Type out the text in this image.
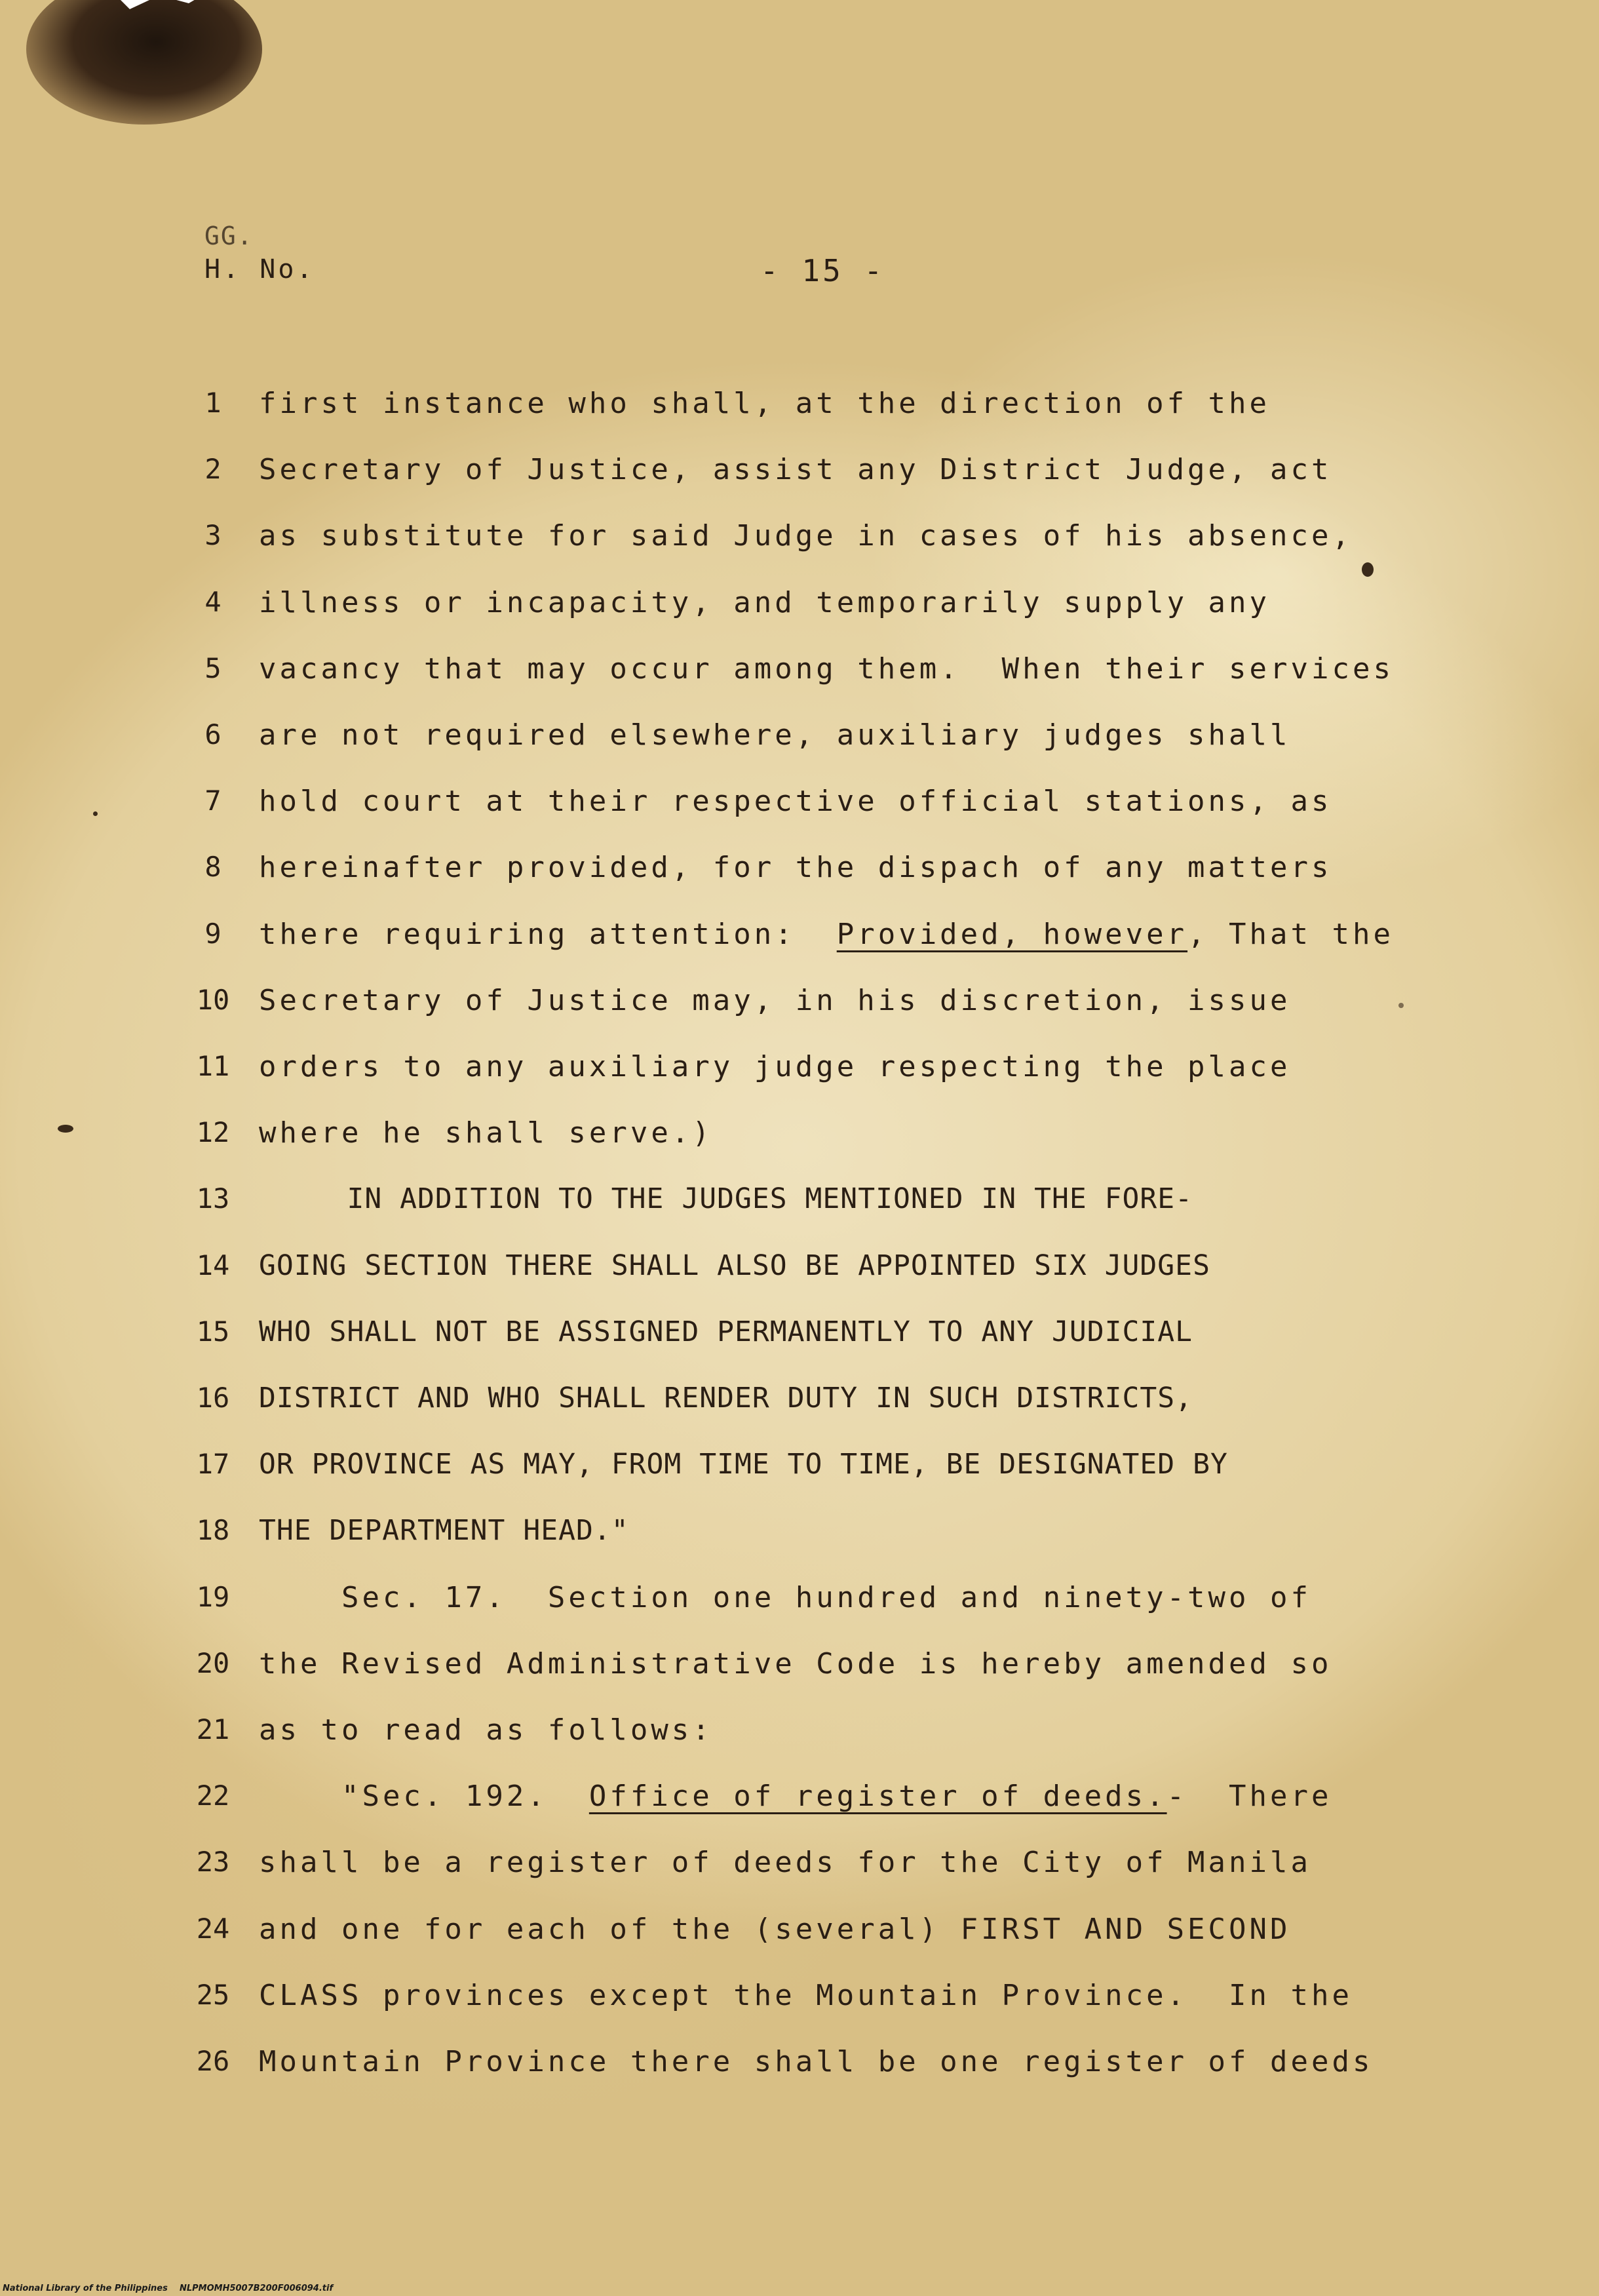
GG.
H. No.	- 15 -
1	first instance who shall, at the direction of the
2	Secretary of Justice, assist any District Judge, act
3	as substitute for said Judge in cases of his absence,
4	illness or incapacity, and temporarily supply any
5	vacancy that may occur among them.  When their services
6	are not required elsewhere, auxiliary judges shall
7	hold court at their respective official stations, as
8	hereinafter provided, for the dispach of any matters
9	there requiring attention:  Provided, however, That the
10 Secretary of Justice may, in his discretion, issue
11 orders to any auxiliary judge respecting the place
12 where he shall serve.)
13 IN ADDITION TO THE JUDGES MENTIONED IN THE FORE-
14 GOING SECTION THERE SHALL ALSO BE APPOINTED SIX JUDGES
15 WHO SHALL NOT BE ASSIGNED PERMANENTLY TO ANY JUDICIAL
16 DISTRICT AND WHO SHALL RENDER DUTY IN SUCH DISTRICTS,
17 OR PROVINCE AS MAY, FROM TIME TO TIME, BE DESIGNATED BY
18 THE DEPARTMENT HEAD."
19 Sec. 17.  Section one hundred and ninety-two of
20 the Revised Administrative Code is hereby amended so
21 as to read as follows:
22 "Sec. 192.  Office of register of deeds.-  There
23 shall be a register of deeds for the City of Manila
24 and one for each of the (several) FIRST AND SECOND
25 CLASS provinces except the Mountain Province.  In the
26 Mountain Province there shall be one register of deeds
National Library of the Philippines NLPMOMH5007B200F006094.tif
